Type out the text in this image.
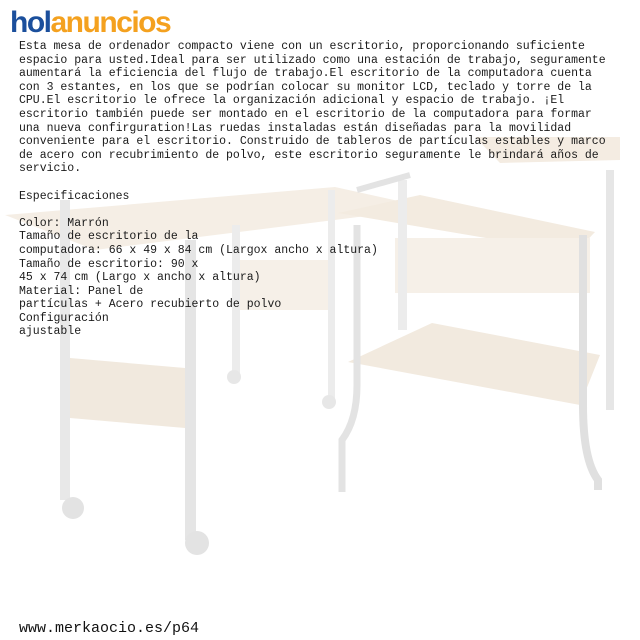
holanuncios

Esta mesa de ordenador compacto viene con un escritorio, proporcionando suficiente espacio para usted.Ideal para ser utilizado como una estación de trabajo, seguramente aumentará la eficiencia del flujo de trabajo.El escritorio de la computadora cuenta con 3 estantes, en los que se podrían colocar su monitor LCD, teclado y torre de la CPU.El escritorio le ofrece la organización adicional y espacio de trabajo. ¡El escritorio también puede ser montado en el escritorio de la computadora para formar una nueva confirguration!Las ruedas instaladas están diseñadas para la movilidad conveniente para el escritorio. Construido de tableros de partículas estables y marco de acero con recubrimiento de polvo, este escritorio seguramente le brindará años de servicio.

Especificaciones

Color: Marrón

Tamaño de escritorio de la

computadora: 66 x 49 x 84 cm (Largox ancho x altura)

Tamaño de escritorio: 90 x

45 x 74 cm (Largo x ancho x altura)

Material: Panel de

partículas + Acero recubierto de polvo

Configuración

ajustable

www.merkaocio.es/p64
